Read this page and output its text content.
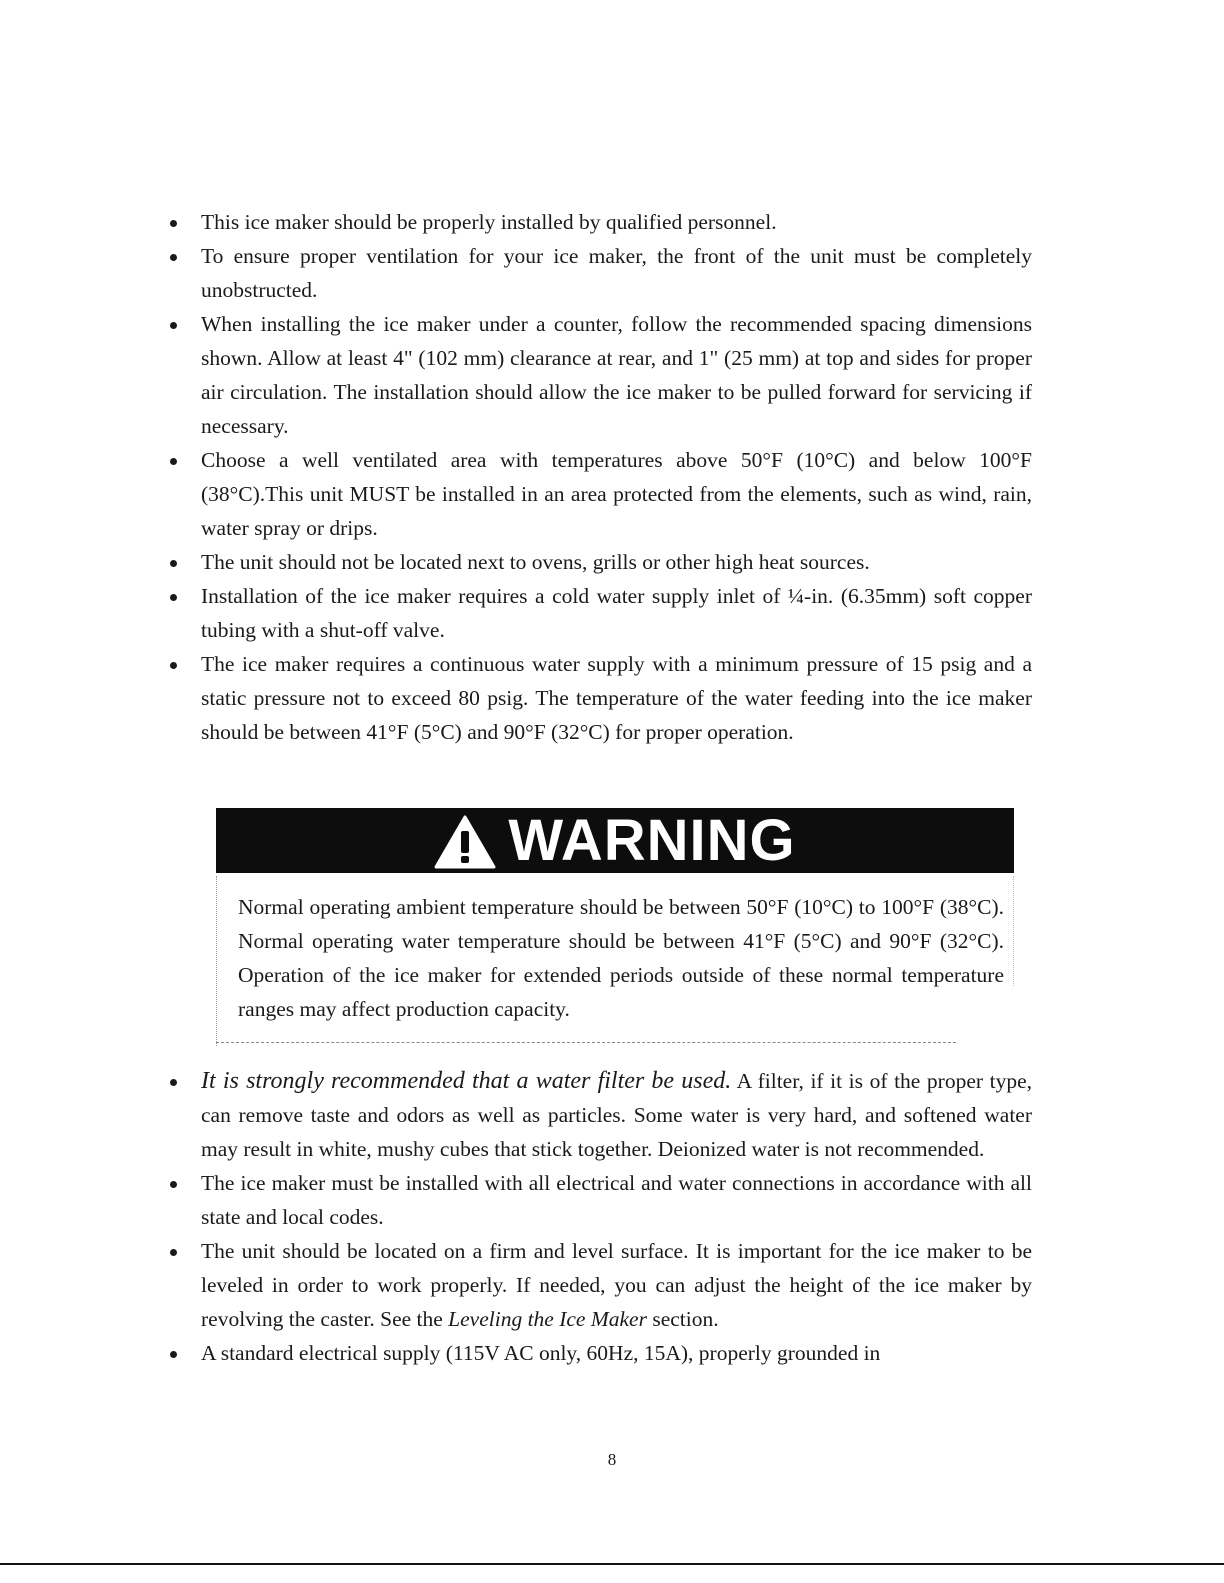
This ice maker should be properly installed by qualified personnel.
To ensure proper ventilation for your ice maker, the front of the unit must be completely unobstructed.
When installing the ice maker under a counter, follow the recommended spacing dimensions shown. Allow at least 4" (102 mm) clearance at rear, and 1" (25 mm) at top and sides for proper air circulation. The installation should allow the ice maker to be pulled forward for servicing if necessary.
Choose a well ventilated area with temperatures above 50°F (10°C) and below 100°F (38°C).This unit MUST be installed in an area protected from the elements, such as wind, rain, water spray or drips.
The unit should not be located next to ovens, grills or other high heat sources.
Installation of the ice maker requires a cold water supply inlet of ¼-in. (6.35mm) soft copper tubing with a shut-off valve.
The ice maker requires a continuous water supply with a minimum pressure of 15 psig and a static pressure not to exceed 80 psig. The temperature of the water feeding into the ice maker should be between 41°F (5°C) and 90°F (32°C) for proper operation.
WARNING
Normal operating ambient temperature should be between 50°F (10°C) to 100°F (38°C). Normal operating water temperature should be between 41°F (5°C) and 90°F (32°C). Operation of the ice maker for extended periods outside of these normal temperature ranges may affect production capacity.
It is strongly recommended that a water filter be used. A filter, if it is of the proper type, can remove taste and odors as well as particles. Some water is very hard, and softened water may result in white, mushy cubes that stick together. Deionized water is not recommended.
The ice maker must be installed with all electrical and water connections in accordance with all state and local codes.
The unit should be located on a firm and level surface. It is important for the ice maker to be leveled in order to work properly. If needed, you can adjust the height of the ice maker by revolving the caster. See the Leveling the Ice Maker section.
A standard electrical supply (115V AC only, 60Hz, 15A), properly grounded in
8
